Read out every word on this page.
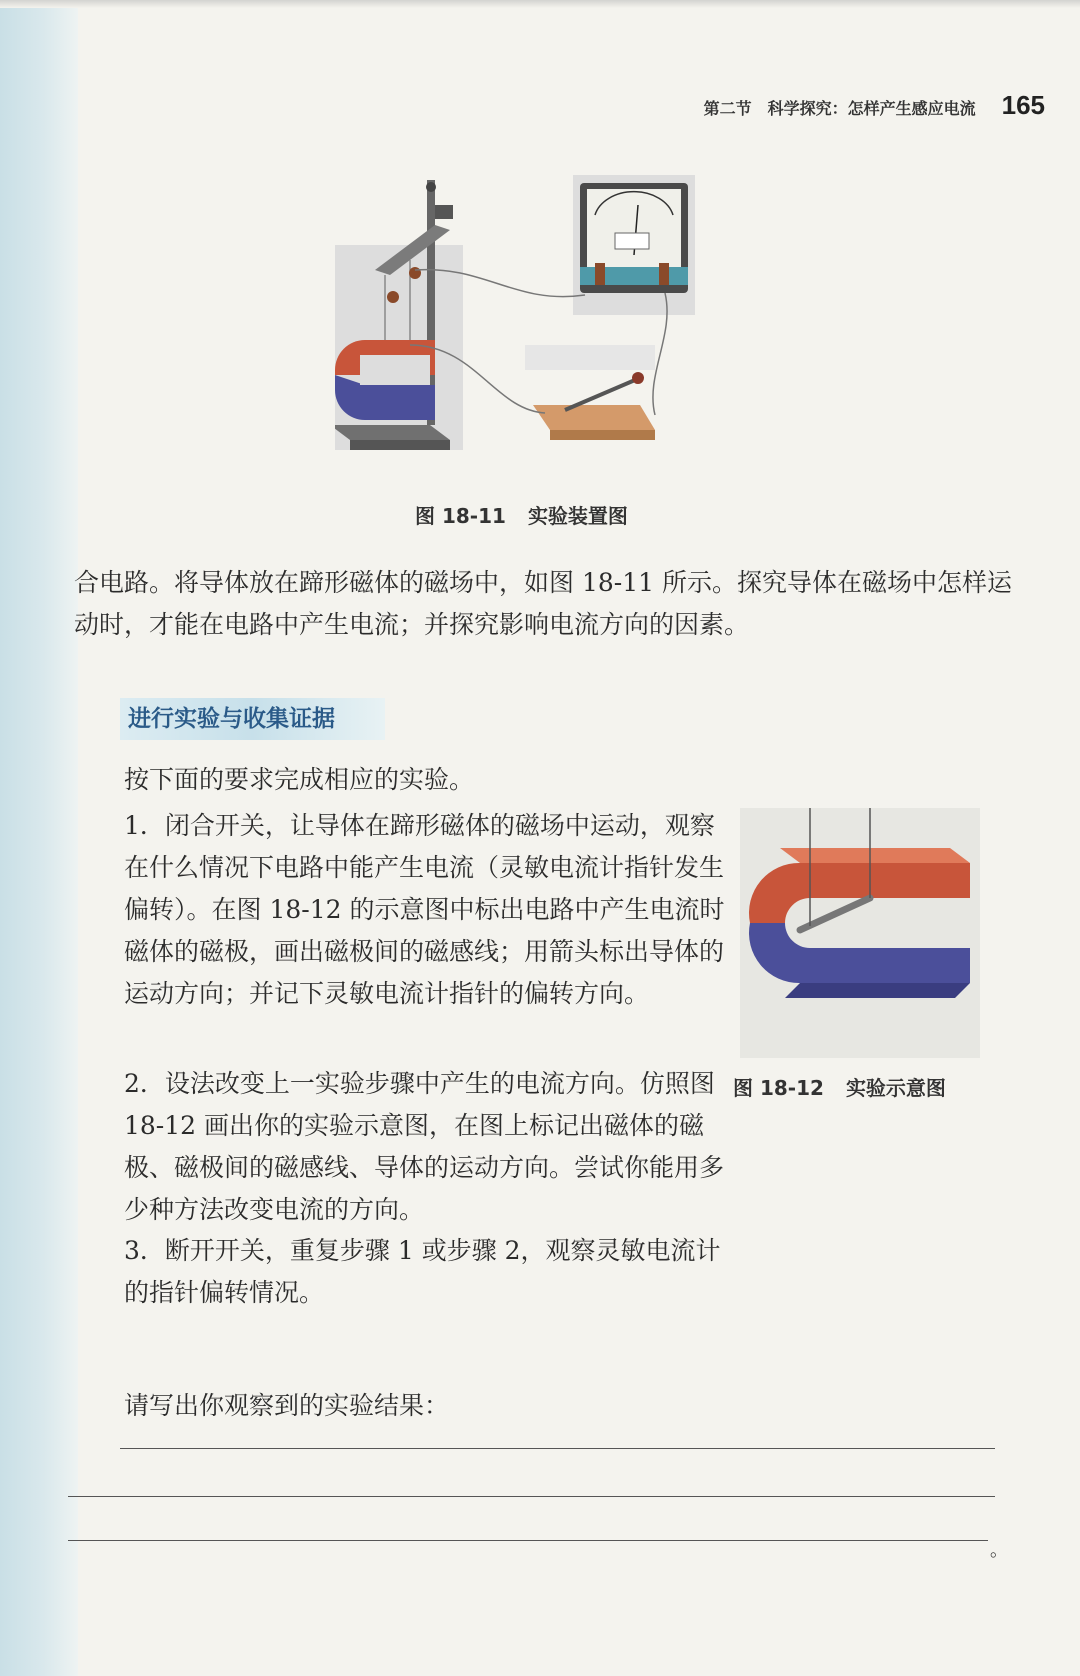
第二节 科学探究：怎样产生感应电流 165
图 18-11 实验装置图
合电路。将导体放在蹄形磁体的磁场中，如图 18-11 所示。探究导体在磁场中怎样运动时，才能在电路中产生电流；并探究影响电流方向的因素。
进行实验与收集证据
按下面的要求完成相应的实验。
1．闭合开关，让导体在蹄形磁体的磁场中运动，观察在什么情况下电路中能产生电流（灵敏电流计指针发生偏转）。在图 18-12 的示意图中标出电路中产生电流时磁体的磁极，画出磁极间的磁感线；用箭头标出导体的运动方向；并记下灵敏电流计指针的偏转方向。
2．设法改变上一实验步骤中产生的电流方向。仿照图 18-12 画出你的实验示意图，在图上标记出磁体的磁极、磁极间的磁感线、导体的运动方向。尝试你能用多少种方法改变电流的方向。
3．断开开关，重复步骤 1 或步骤 2，观察灵敏电流计的指针偏转情况。
图 18-12 实验示意图
请写出你观察到的实验结果：
。
